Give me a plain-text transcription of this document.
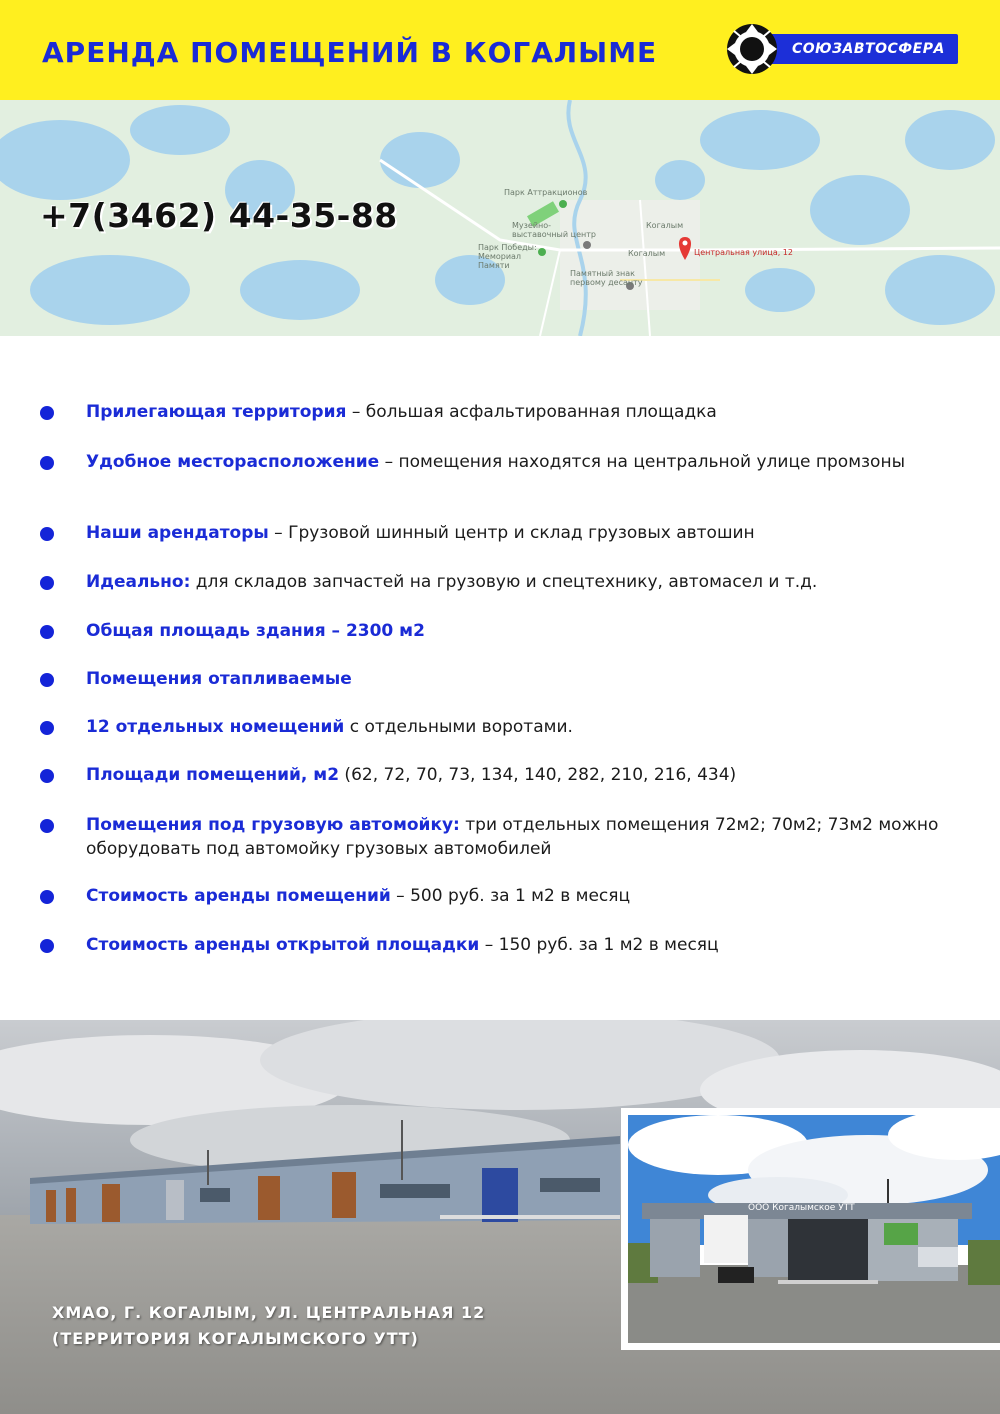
АРЕНДА ПОМЕЩЕНИЙ В КОГАЛЫМЕ	СОЮЗАВТОСФЕРА
Парк Аттракционов
Музейно-выставочный центр
Парк Победы: Мемориал Памяти
Когалым
Когалым	Центральная улица, 12
Памятный знак первому десанту
+7(3462) 44-35-88
Прилегающая территория – большая асфальтированная площадка
Удобное месторасположение – помещения находятся на центральной улице промзоны
Наши арендаторы – Грузовой шинный центр и склад грузовых автошин
Идеально: для складов запчастей на грузовую и спецтехнику, автомасел и т.д.
Общая площадь здания – 2300 м2
Помещения отапливаемые
12 отдельных номещений с отдельными воротами.
Площади помещений, м2 (62, 72, 70, 73, 134, 140, 282, 210, 216, 434)
Помещения под грузовую автомойку: три отдельных помещения 72м2; 70м2; 73м2 можно оборудовать под автомойку грузовых автомобилей
Стоимость аренды помещений – 500 руб. за 1 м2 в месяц
Стоимость аренды открытой площадки – 150 руб. за 1 м2 в месяц
ХМАО, Г. КОГАЛЫМ, УЛ. ЦЕНТРАЛЬНАЯ 12
(ТЕРРИТОРИЯ КОГАЛЫМСКОГО УТТ)
ООО Когалымское УТТ
